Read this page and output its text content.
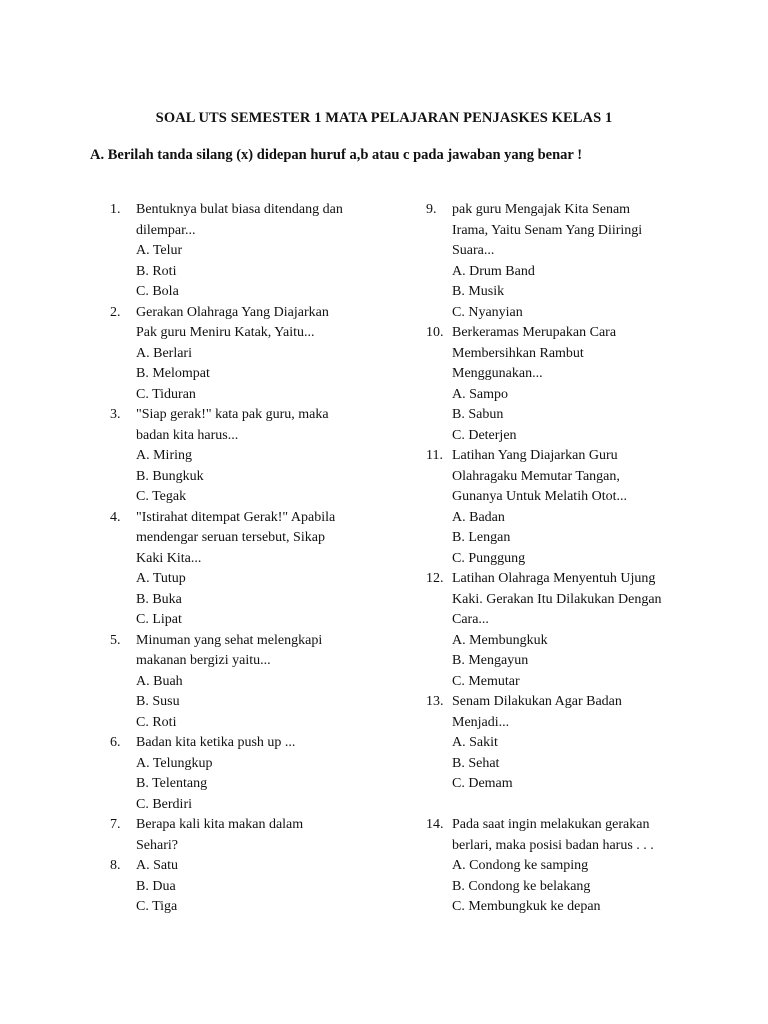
SOAL UTS SEMESTER 1 MATA PELAJARAN PENJASKES KELAS 1
A. Berilah tanda silang (x) didepan huruf a,b atau c pada jawaban yang benar !
1.	Bentuknya bulat biasa ditendang dan
dilempar...
A. Telur
B. Roti
C. Bola
2.	Gerakan Olahraga Yang Diajarkan
Pak guru Meniru Katak, Yaitu...
A. Berlari
B. Melompat
C. Tiduran
3.	"Siap gerak!" kata pak guru, maka
badan kita harus...
A. Miring
B. Bungkuk
C. Tegak
4.	"Istirahat ditempat Gerak!" Apabila
mendengar seruan tersebut, Sikap
Kaki Kita...
A. Tutup
B. Buka
C. Lipat
5.	Minuman yang sehat melengkapi
makanan bergizi yaitu...
A. Buah
B. Susu
C. Roti
6.	Badan kita ketika push up ...
A. Telungkup
B. Telentang
C. Berdiri
7.	Berapa kali kita makan dalam
Sehari?
8.	A. Satu
B. Dua
C. Tiga
9.	pak guru Mengajak Kita Senam
Irama, Yaitu Senam Yang Diiringi
Suara...
A. Drum Band
B. Musik
C. Nyanyian
10. Berkeramas Merupakan Cara
Membersihkan Rambut
Menggunakan...
A. Sampo
B. Sabun
C. Deterjen
11. Latihan Yang Diajarkan Guru
Olahragaku Memutar Tangan,
Gunanya Untuk Melatih Otot...
A. Badan
B. Lengan
C. Punggung
12. Latihan Olahraga Menyentuh Ujung
Kaki. Gerakan Itu Dilakukan Dengan
Cara...
A. Membungkuk
B. Mengayun
C. Memutar
13. Senam Dilakukan Agar Badan
Menjadi...
A. Sakit
B. Sehat
C. Demam
14. Pada saat ingin melakukan gerakan
berlari, maka posisi badan harus . . .
A. Condong ke samping
B. Condong ke belakang
C. Membungkuk ke depan
